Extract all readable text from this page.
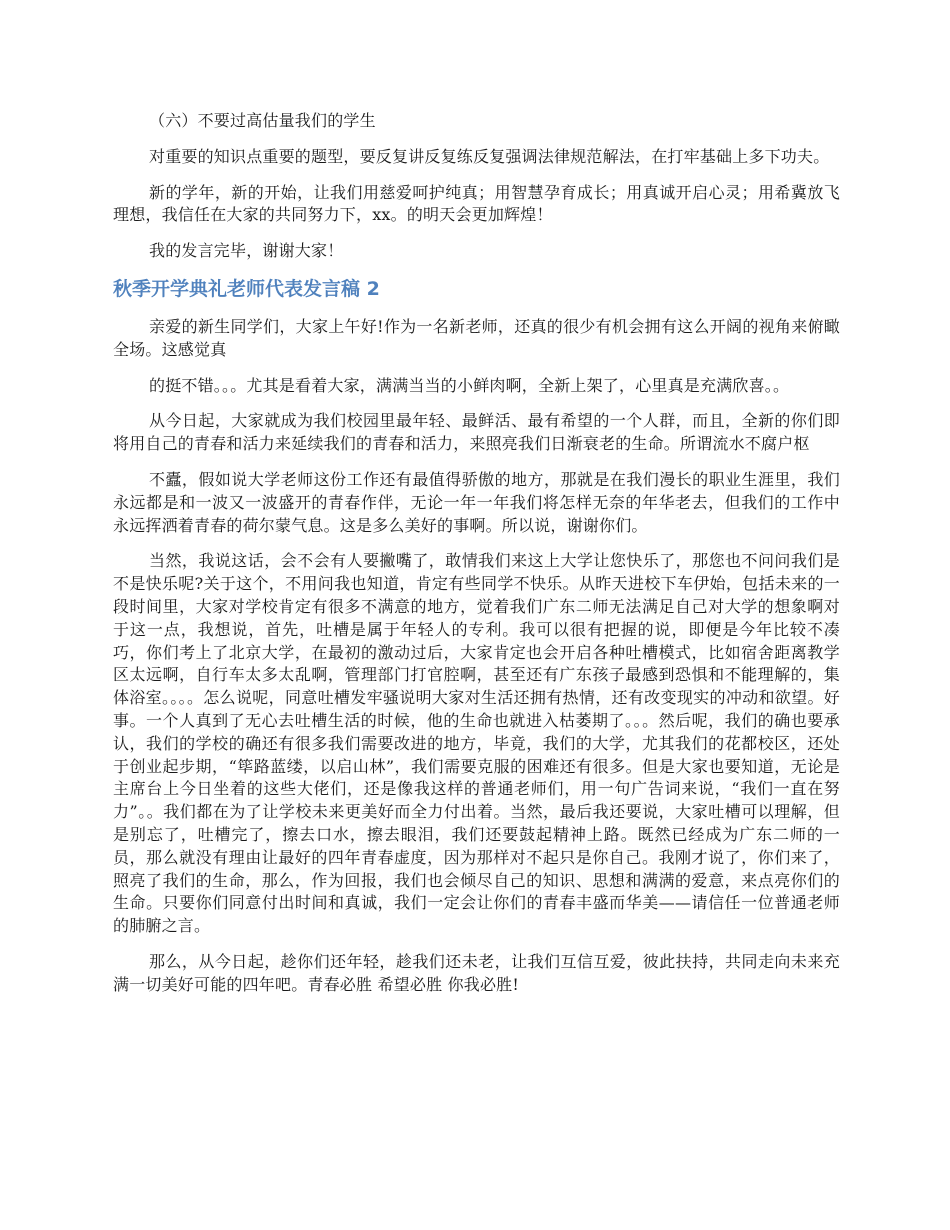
（六）不要过高估量我们的学生

对重要的知识点重要的题型，要反复讲反复练反复强调法律规范解法，在打牢基础上多下功夫。

新的学年，新的开始，让我们用慈爱呵护纯真；用智慧孕育成长；用真诚开启心灵；用希冀放飞理想，我信任在大家的共同努力下，xx。的明天会更加辉煌！

我的发言完毕，谢谢大家！

秋季开学典礼老师代表发言稿 2

亲爱的新生同学们，大家上午好!作为一名新老师，还真的很少有机会拥有这么开阔的视角来俯瞰全场。这感觉真

的挺不错。。。尤其是看着大家，满满当当的小鲜肉啊，全新上架了，心里真是充满欣喜。。

从今日起，大家就成为我们校园里最年轻、最鲜活、最有希望的一个人群，而且，全新的你们即将用自己的青春和活力来延续我们的青春和活力，来照亮我们日渐衰老的生命。所谓流水不腐户枢

不蠹，假如说大学老师这份工作还有最值得骄傲的地方，那就是在我们漫长的职业生涯里，我们永远都是和一波又一波盛开的青春作伴，无论一年一年我们将怎样无奈的年华老去，但我们的工作中永远挥洒着青春的荷尔蒙气息。这是多么美好的事啊。所以说，谢谢你们。

当然，我说这话，会不会有人要撇嘴了，敢情我们来这上大学让您快乐了，那您也不问问我们是不是快乐呢?关于这个，不用问我也知道，肯定有些同学不快乐。从昨天进校下车伊始，包括未来的一段时间里，大家对学校肯定有很多不满意的地方，觉着我们广东二师无法满足自己对大学的想象啊对于这一点，我想说，首先，吐槽是属于年轻人的专利。我可以很有把握的说，即便是今年比较不凑巧，你们考上了北京大学，在最初的激动过后，大家肯定也会开启各种吐槽模式，比如宿舍距离教学区太远啊，自行车太多太乱啊，管理部门打官腔啊，甚至还有广东孩子最感到恐惧和不能理解的，集体浴室。。。。怎么说呢，同意吐槽发牢骚说明大家对生活还拥有热情，还有改变现实的冲动和欲望。好事。一个人真到了无心去吐槽生活的时候，他的生命也就进入枯萎期了。。。然后呢，我们的确也要承认，我们的学校的确还有很多我们需要改进的地方，毕竟，我们的大学，尤其我们的花都校区，还处于创业起步期，“筚路蓝缕，以启山林”，我们需要克服的困难还有很多。但是大家也要知道，无论是主席台上今日坐着的这些大佬们，还是像我这样的普通老师们，用一句广告词来说，“我们一直在努力”。。我们都在为了让学校未来更美好而全力付出着。当然，最后我还要说，大家吐槽可以理解，但是别忘了，吐槽完了，擦去口水，擦去眼泪，我们还要鼓起精神上路。既然已经成为广东二师的一员，那么就没有理由让最好的四年青春虚度，因为那样对不起只是你自己。我刚才说了，你们来了，照亮了我们的生命，那么，作为回报，我们也会倾尽自己的知识、思想和满满的爱意，来点亮你们的生命。只要你们同意付出时间和真诚，我们一定会让你们的青春丰盛而华美——请信任一位普通老师的肺腑之言。

那么，从今日起，趁你们还年轻，趁我们还未老，让我们互信互爱，彼此扶持，共同走向未来充满一切美好可能的四年吧。青春必胜 希望必胜 你我必胜!
